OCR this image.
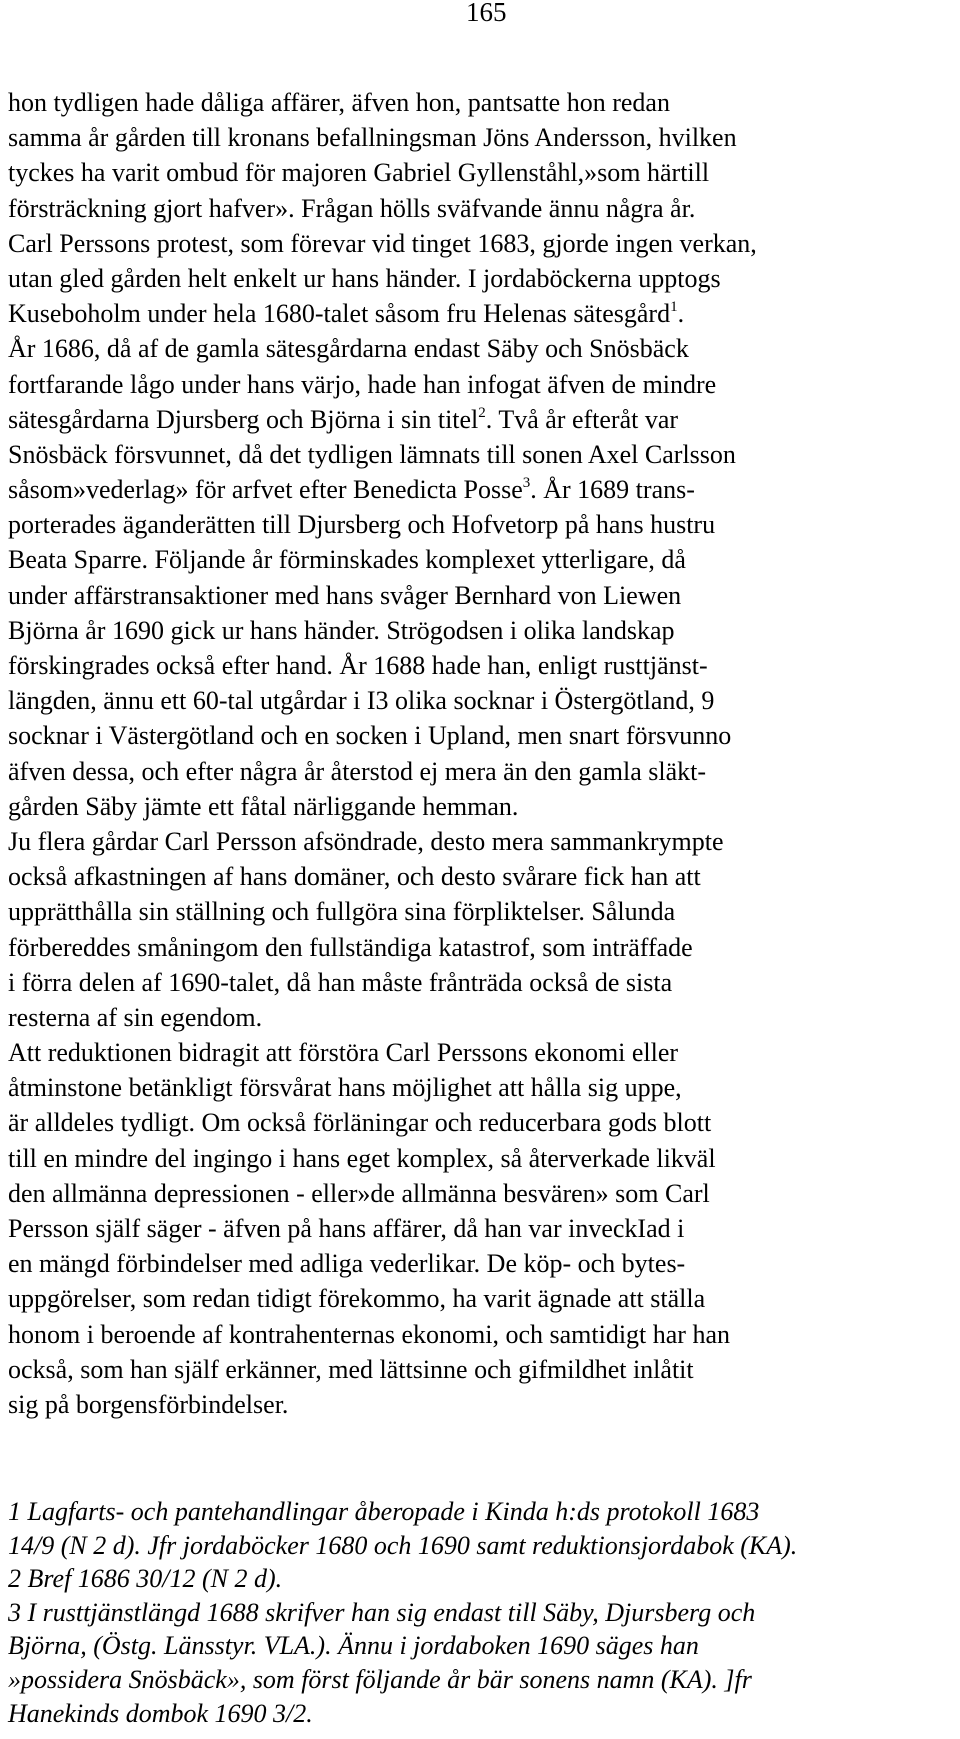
165
hon tydligen hade dåliga affärer, äfven hon, pantsatte hon redan
samma år gården till kronans befallningsman Jöns Andersson, hvilken
tyckes ha varit ombud för majoren Gabriel Gyllenståhl,»som härtill
försträckning gjort hafver». Frågan hölls sväfvande ännu några år.
Carl Perssons protest, som förevar vid tinget 1683, gjorde ingen verkan,
utan gled gården helt enkelt ur hans händer. I jordaböckerna upptogs
Kuseboholm under hela 1680-talet såsom fru Helenas sätesgård$^1$.
År 1686, då af de gamla sätesgårdarna endast Säby och Snösbäck
fortfarande lågo under hans värjo, hade han infogat äfven de mindre
sätesgårdarna Djursberg och Björna i sin titel$^2$. Två år efteråt var
Snösbäck försvunnet, då det tydligen lämnats till sonen Axel Carlsson
såsom»vederlag» för arfvet efter Benedicta Posse$^3$. År 1689 trans-
porterades äganderätten till Djursberg och Hofvetorp på hans hustru
Beata Sparre. Följande år förminskades komplexet ytterligare, då
under affärstransaktioner med hans svåger Bernhard von Liewen
Björna år 1690 gick ur hans händer. Strögodsen i olika landskap
förskingrades också efter hand. År 1688 hade han, enligt rusttjänst-
längden, ännu ett 60-tal utgårdar i I3 olika socknar i Östergötland, 9
socknar i Västergötland och en socken i Upland, men snart försvunno
äfven dessa, och efter några år återstod ej mera än den gamla släkt-
gården Säby jämte ett fåtal närliggande hemman.
Ju flera gårdar Carl Persson afsöndrade, desto mera sammankrympte
också afkastningen af hans domäner, och desto svårare fick han att
upprätthålla sin ställning och fullgöra sina förpliktelser. Sålunda
förbereddes småningom den fullständiga katastrof, som inträffade
i förra delen af 1690-talet, då han måste frånträda också de sista
resterna af sin egendom.
Att reduktionen bidragit att förstöra Carl Perssons ekonomi eller
åtminstone betänkligt försvårat hans möjlighet att hålla sig uppe,
är alldeles tydligt. Om också förläningar och reducerbara gods blott
till en mindre del ingingo i hans eget komplex, så återverkade likväl
den allmänna depressionen - eller»de allmänna besvären» som Carl
Persson själf säger - äfven på hans affärer, då han var inveckIad i
en mängd förbindelser med adliga vederlikar. De köp- och bytes-
uppgörelser, som redan tidigt förekommo, ha varit ägnade att ställa
honom i beroende af kontrahenternas ekonomi, och samtidigt har han
också, som han själf erkänner, med lättsinne och gifmildhet inlåtit
sig på borgensförbindelser.
1 Lagfarts- och pantehandlingar åberopade i Kinda h:ds protokoll 1683
14/9 (N 2 d). Jfr jordaböcker 1680 och 1690 samt reduktionsjordabok (KA).
2 Bref 1686 30/12 (N 2 d).
3 I rusttjänstlängd 1688 skrifver han sig endast till Säby, Djursberg och
Björna, (Östg. Länsstyr. VLA.). Ännu i jordaboken 1690 säges han
»possidera Snösbäck», som först följande år bär sonens namn (KA). ]fr
Hanekinds dombok 1690 3/2.
